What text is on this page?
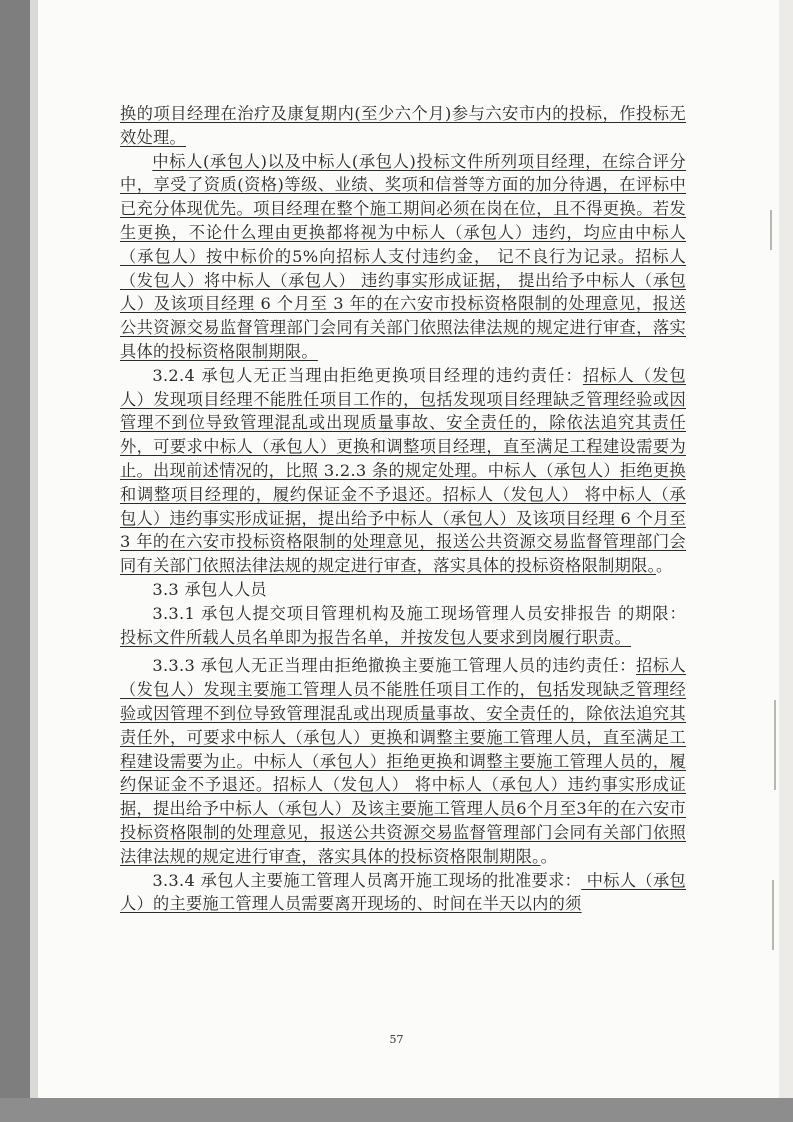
换的项目经理在治疗及康复期内(至少六个月)参与六安市内的投标，作投标无效处理。

中标人(承包人)以及中标人(承包人)投标文件所列项目经理，在综合评分中，享受了资质(资格)等级、业绩、奖项和信誉等方面的加分待遇，在评标中已充分体现优先。项目经理在整个施工期间必须在岗在位，且不得更换。若发生更换，不论什么理由更换都将视为中标人（承包人）违约，均应由中标人（承包人）按中标价的5%向招标人支付违约金， 记不良行为记录。招标人（发包人）将中标人（承包人） 违约事实形成证据， 提出给予中标人（承包人）及该项目经理 6 个月至 3 年的在六安市投标资格限制的处理意见，报送公共资源交易监督管理部门会同有关部门依照法律法规的规定进行审查，落实具体的投标资格限制期限。

3.2.4 承包人无正当理由拒绝更换项目经理的违约责任：招标人（发包人）发现项目经理不能胜任项目工作的，包括发现项目经理缺乏管理经验或因管理不到位导致管理混乱或出现质量事故、安全责任的，除依法追究其责任外，可要求中标人（承包人）更换和调整项目经理，直至满足工程建设需要为止。出现前述情况的，比照 3.2.3 条的规定处理。中标人（承包人）拒绝更换和调整项目经理的，履约保证金不予退还。招标人（发包人） 将中标人（承包人）违约事实形成证据，提出给予中标人（承包人）及该项目经理 6 个月至 3 年的在六安市投标资格限制的处理意见，报送公共资源交易监督管理部门会同有关部门依照法律法规的规定进行审查，落实具体的投标资格限制期限。。

3.3 承包人人员

3.3.1 承包人提交项目管理机构及施工现场管理人员安排报告 的期限： 投标文件所载人员名单即为报告名单，并按发包人要求到岗履行职责。

3.3.3 承包人无正当理由拒绝撤换主要施工管理人员的违约责任：招标人（发包人）发现主要施工管理人员不能胜任项目工作的，包括发现缺乏管理经验或因管理不到位导致管理混乱或出现质量事故、安全责任的，除依法追究其责任外，可要求中标人（承包人）更换和调整主要施工管理人员，直至满足工程建设需要为止。中标人（承包人）拒绝更换和调整主要施工管理人员的，履约保证金不予退还。招标人（发包人） 将中标人（承包人）违约事实形成证据，提出给予中标人（承包人）及该主要施工管理人员6个月至3年的在六安市投标资格限制的处理意见，报送公共资源交易监督管理部门会同有关部门依照法律法规的规定进行审查，落实具体的投标资格限制期限。。

3.3.4 承包人主要施工管理人员离开施工现场的批准要求： 中标人（承包人）的主要施工管理人员需要离开现场的、时间在半天以内的须

57
